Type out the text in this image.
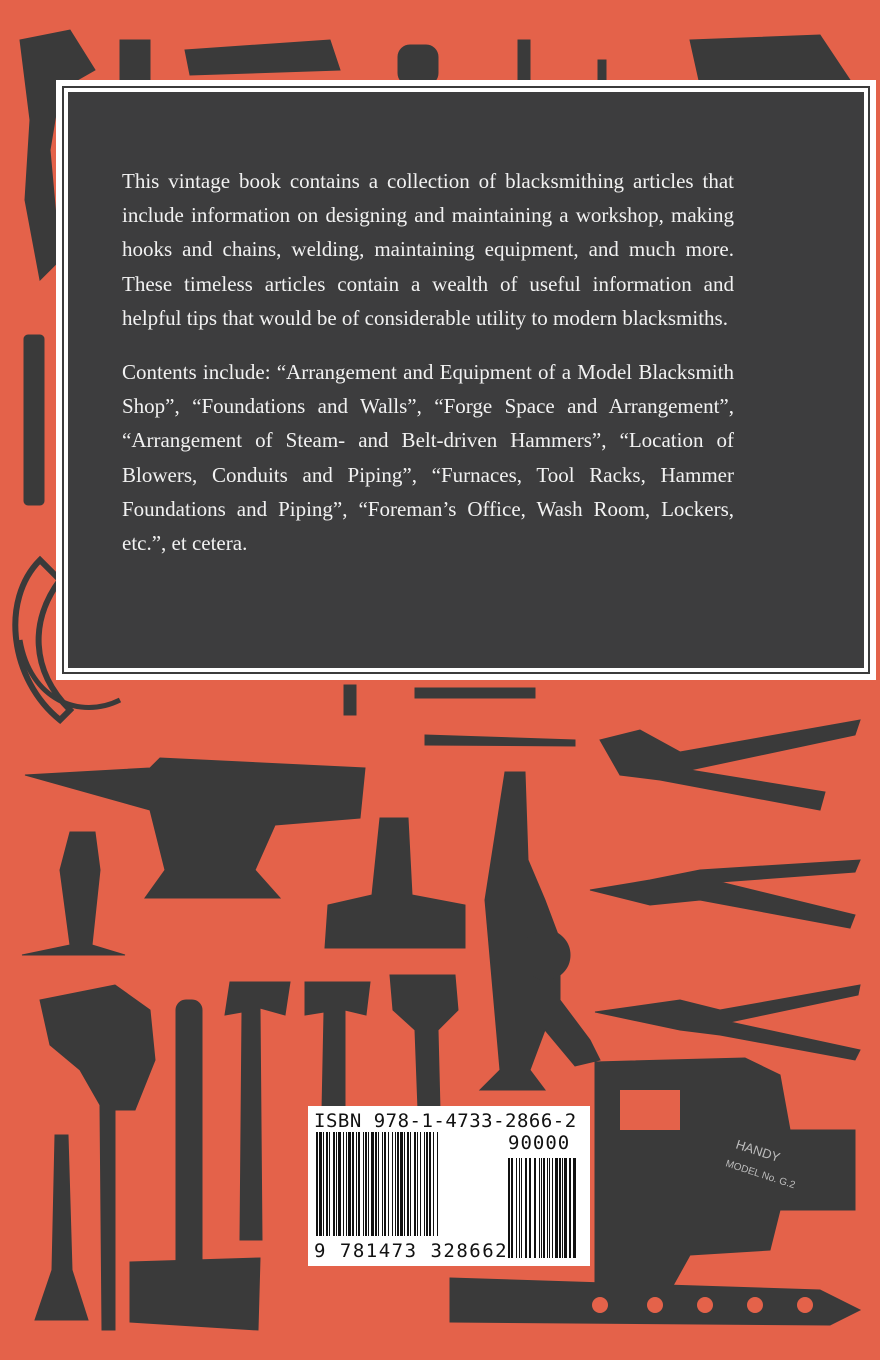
HANDY
MODEL No. G.2

This vintage book contains a collection of blacksmithing articles that include information on designing and maintaining a workshop, making hooks and chains, welding, maintaining equipment, and much more. These timeless articles contain a wealth of useful information and helpful tips that would be of considerable utility to modern blacksmiths.

Contents include: “Arrangement and Equipment of a Model Blacksmith Shop”, “Foundations and Walls”, “Forge Space and Arrangement”, “Arrangement of Steam- and Belt-driven Hammers”, “Location of Blowers, Conduits and Piping”, “Furnaces, Tool Racks, Hammer Foundations and Piping”, “Foreman’s Office, Wash Room, Lockers, etc.”, et cetera.

ISBN 978-1-4733-2866-2
90000
9 781473 328662
